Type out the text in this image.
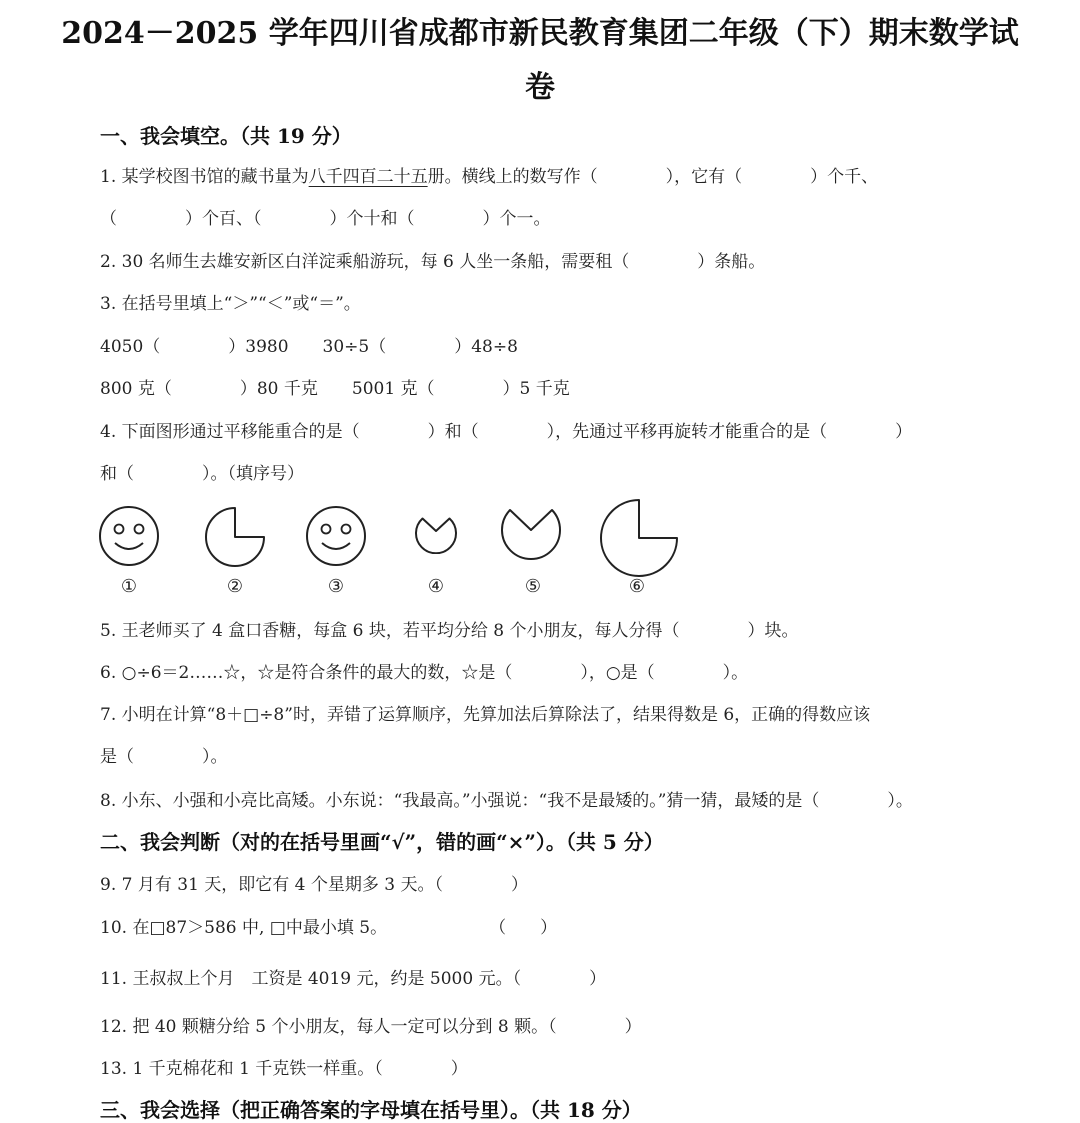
2024－2025 学年四川省成都市新民教育集团二年级（下）期末数学试
卷
一、我会填空。（共 19 分）
1. 某学校图书馆的藏书量为八千四百二十五册。横线上的数写作（　　　　），它有（　　　　）个千、
（　　　　）个百、（　　　　）个十和（　　　　）个一。
2. 30 名师生去雄安新区白洋淀乘船游玩，每 6 人坐一条船，需要租（　　　　）条船。
3. 在括号里填上“＞”“＜”或“＝”。
4050（　　　　）3980　　30÷5（　　　　）48÷8
800 克（　　　　）80 千克　　5001 克（　　　　）5 千克
4. 下面图形通过平移能重合的是（　　　　）和（　　　　），先通过平移再旋转才能重合的是（　　　　）
和（　　　　）。（填序号）
①	②	③	④	⑤	⑥
5. 王老师买了 4 盒口香糖，每盒 6 块，若平均分给 8 个小朋友，每人分得（　　　　）块。
6. ○÷6＝2……☆，☆是符合条件的最大的数，☆是（　　　　），○是（　　　　）。
7. 小明在计算“8＋□÷8”时，弄错了运算顺序，先算加法后算除法了，结果得数是 6，正确的得数应该
是（　　　　）。
8. 小东、小强和小亮比高矮。小东说：“我最高。”小强说：“我不是最矮的。”猜一猜，最矮的是（　　　　）。
二、我会判断（对的在括号里画“√”，错的画“×”）。（共 5 分）
9. 7 月有 31 天，即它有 4 个星期多 3 天。（　　　　）
10. 在□87＞586 中, □中最小填 5。　　　　　　　（　　）
11. 王叔叔上个月　工资是 4019 元，约是 5000 元。（　　　　）
12. 把 40 颗糖分给 5 个小朋友，每人一定可以分到 8 颗。（　　　　）
13. 1 千克棉花和 1 千克铁一样重。（　　　　）
三、我会选择（把正确答案的字母填在括号里）。（共 18 分）
